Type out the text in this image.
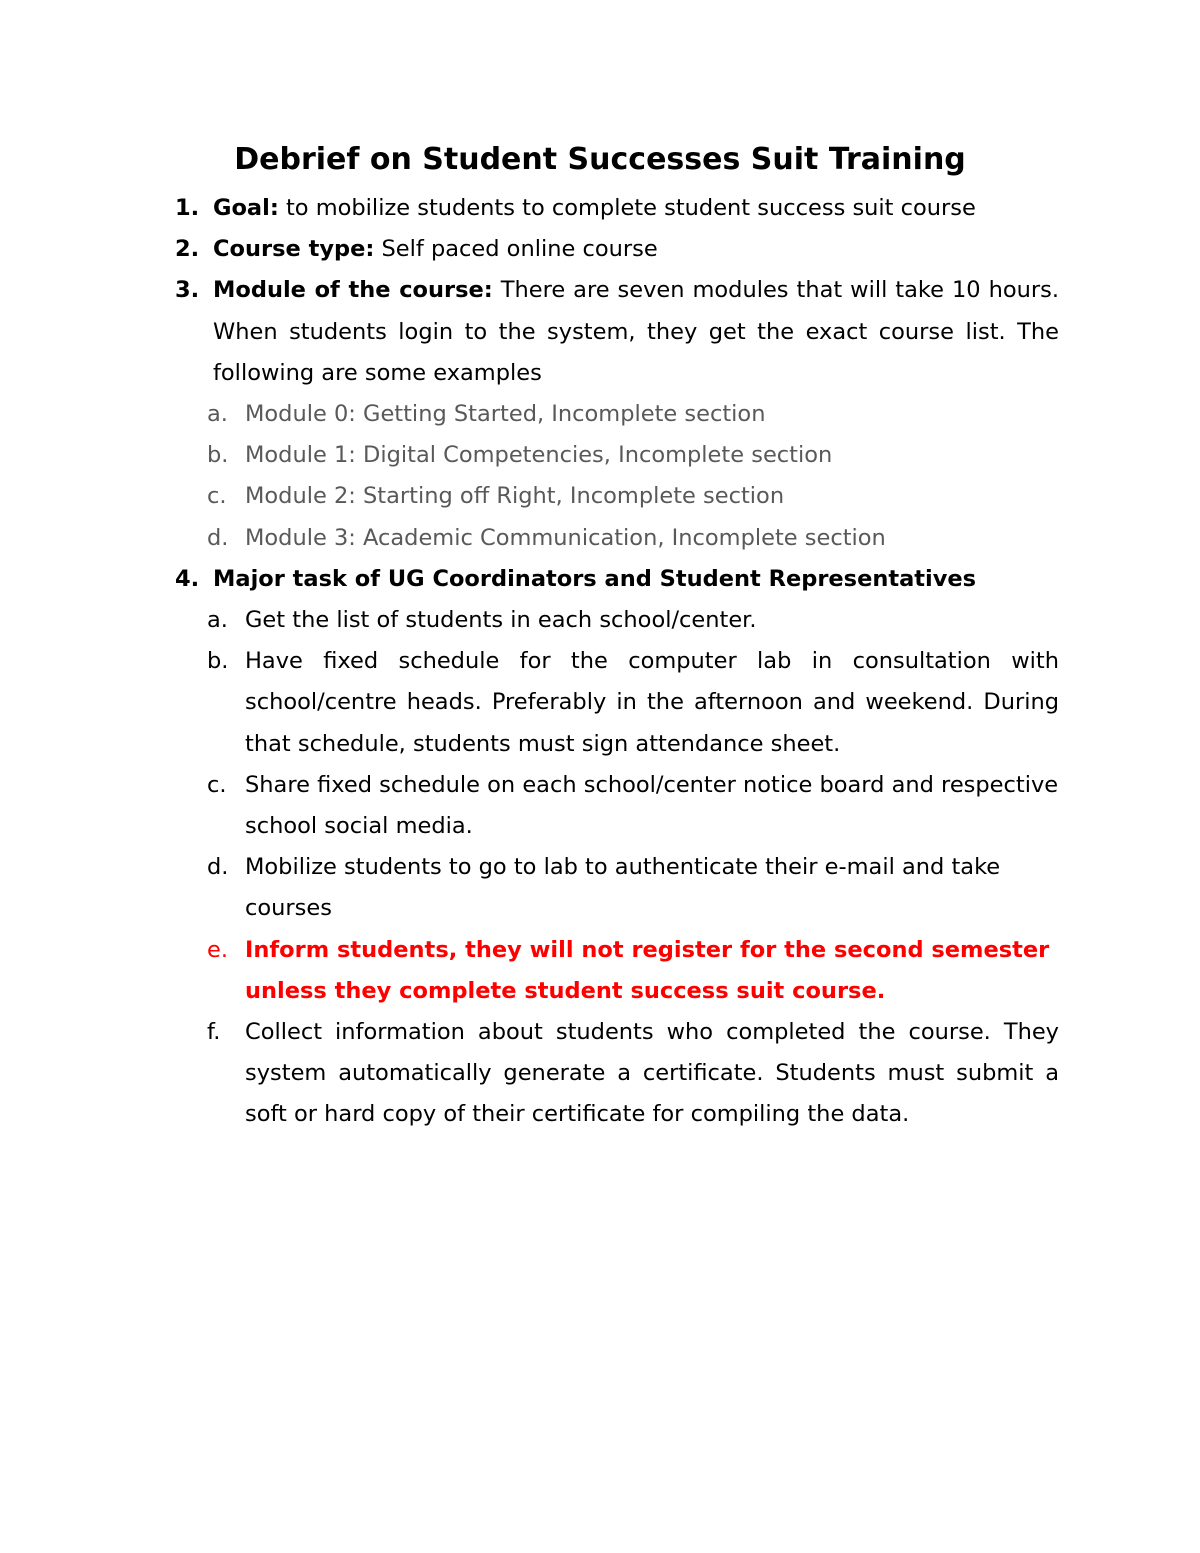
Debrief on Student Successes Suit Training
1. Goal: to mobilize students to complete student success suit course
2. Course type: Self paced online course
3. Module of the course: There are seven modules that will take 10 hours. When students login to the system, they get the exact course list. The following are some examples
a. Module 0: Getting Started, Incomplete section
b. Module 1: Digital Competencies, Incomplete section
c. Module 2: Starting off Right, Incomplete section
d. Module 3: Academic Communication, Incomplete section
4. Major task of UG Coordinators and Student Representatives
a. Get the list of students in each school/center.
b. Have fixed schedule for the computer lab in consultation with school/centre heads. Preferably in the afternoon and weekend. During that schedule, students must sign attendance sheet.
c. Share fixed schedule on each school/center notice board and respective school social media.
d. Mobilize students to go to lab to authenticate their e-mail and take courses
e. Inform students, they will not register for the second semester unless they complete student success suit course.
f. Collect information about students who completed the course. They system automatically generate a certificate. Students must submit a soft or hard copy of their certificate for compiling the data.
